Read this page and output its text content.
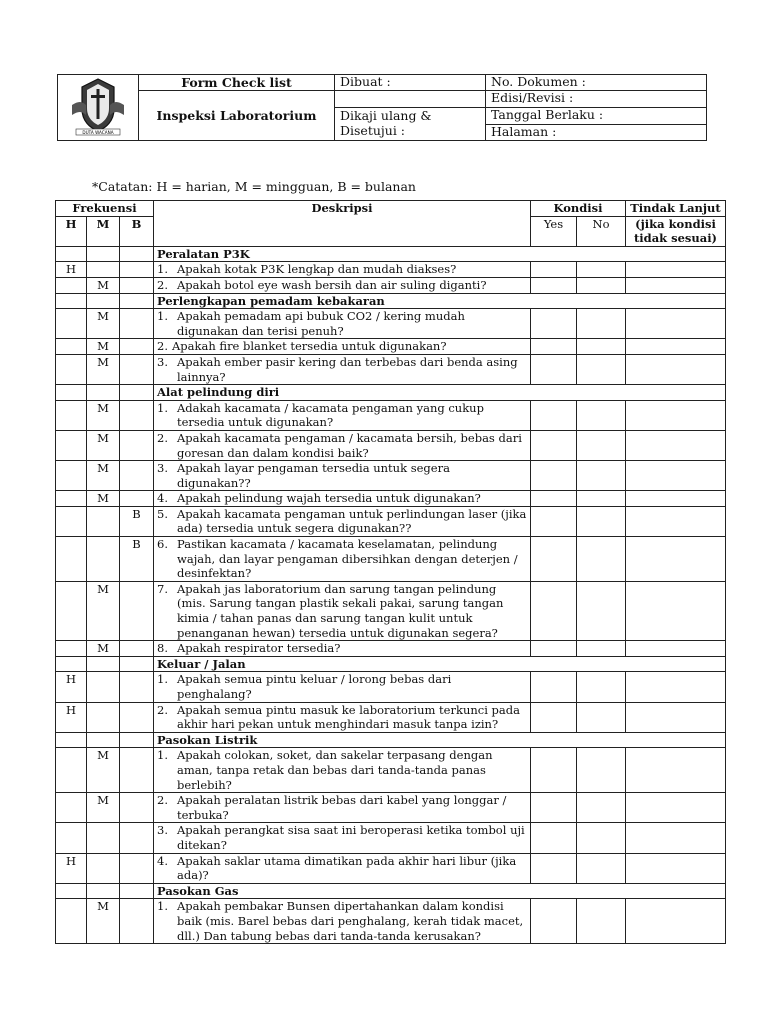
DUTA WACANA	Form Check list	Dibuat :	No. Dokumen :
	Inspeksi Laboratorium		Edisi/Revisi :
		Dikaji ulang & Disetujui :	Tanggal Berlaku :
			Halaman :
*Catatan: H = harian, M = mingguan, B = bulanan
Frekuensi			Deskripsi	Kondisi		Tindak Lanjut
H	M	B		Yes	No	(jika kondisi tidak sesuai)
			Peralatan P3K			
H			1. Apakah kotak P3K lengkap dan mudah diakses?			

	M		2. Apakah botol eye wash bersih dan air suling diganti?			

			Perlengkapan pemadam kebakaran			
	M		1. Apakah pemadam api bubuk CO2 / kering mudah digunakan dan terisi penuh?			

	M		2. Apakah fire blanket tersedia untuk digunakan?			

	M		3. Apakah ember pasir kering dan terbebas dari benda asing lainnya?			

			Alat pelindung diri			
	M		1. Adakah kacamata / kacamata pengaman yang cukup tersedia untuk digunakan?			

	M		2. Apakah kacamata pengaman / kacamata bersih, bebas dari goresan dan dalam kondisi baik?			

	M		3. Apakah layar pengaman tersedia untuk segera digunakan??			

	M		4. Apakah pelindung wajah tersedia untuk digunakan?			

		B	5. Apakah kacamata pengaman untuk perlindungan laser (jika ada) tersedia untuk segera digunakan??			

		B	6. Pastikan kacamata / kacamata keselamatan, pelindung wajah, dan layar pengaman dibersihkan dengan deterjen / desinfektan?			

	M		7. Apakah jas laboratorium dan sarung tangan pelindung (mis. Sarung tangan plastik sekali pakai, sarung tangan kimia / tahan panas dan sarung tangan kulit untuk penanganan hewan) tersedia untuk digunakan segera?			

	M		8. Apakah respirator tersedia?			

			Keluar / Jalan			
H			1. Apakah semua pintu keluar / lorong bebas dari penghalang?			

H			2. Apakah semua pintu masuk ke laboratorium terkunci pada akhir hari pekan untuk menghindari masuk tanpa izin?			

			Pasokan Listrik			
	M		1. Apakah colokan, soket, dan sakelar terpasang dengan aman, tanpa retak dan bebas dari tanda-tanda panas berlebih?			

	M		2. Apakah peralatan listrik bebas dari kabel yang longgar / terbuka?			

			3. Apakah perangkat sisa saat ini beroperasi ketika tombol uji ditekan?			

H			4. Apakah saklar utama dimatikan pada akhir hari libur (jika ada)?			

			Pasokan Gas			
	M		1. Apakah pembakar Bunsen dipertahankan dalam kondisi baik (mis. Barel bebas dari penghalang, kerah tidak macet, dll.) Dan tabung bebas dari tanda-tanda kerusakan?			
